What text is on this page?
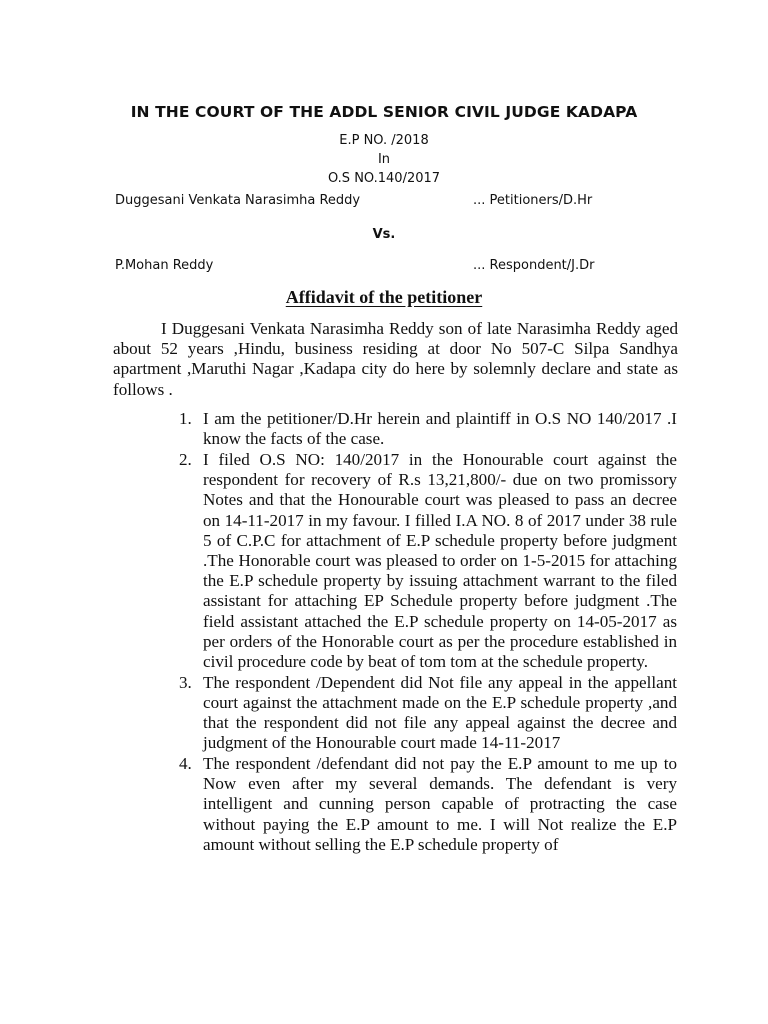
IN THE COURT OF THE ADDL SENIOR CIVIL JUDGE KADAPA
E.P NO. /2018
In
O.S NO.140/2017
Duggesani Venkata Narasimha Reddy	... Petitioners/D.Hr
Vs.
P.Mohan Reddy	... Respondent/J.Dr
Affidavit of the petitioner

I Duggesani Venkata Narasimha Reddy son of late Narasimha Reddy aged about 52 years ,Hindu, business residing at door No 507-C Silpa Sandhya apartment ,Maruthi Nagar ,Kadapa city do here by solemnly declare and state as follows .

1. I am the petitioner/D.Hr herein and plaintiff in O.S NO 140/2017 .I know the facts of the case.
2. I filed O.S NO: 140/2017 in the Honourable court against the respondent for recovery of R.s 13,21,800/- due on two promissory Notes and that the Honourable court was pleased to pass an decree on 14-11-2017 in my favour. I filled I.A NO. 8 of 2017 under 38 rule 5 of C.P.C for attachment of E.P schedule property before judgment .The Honorable court was pleased to order on 1-5-2015 for attaching the E.P schedule property by issuing attachment warrant to the filed assistant for attaching EP Schedule property before judgment .The field assistant attached the E.P schedule property on 14-05-2017 as per orders of the Honorable court as per the procedure established in civil procedure code by beat of tom tom at the schedule property.
3. The respondent /Dependent did Not file any appeal in the appellant court against the attachment made on the E.P schedule property ,and that the respondent did not file any appeal against the decree and judgment of the Honourable court made 14-11-2017
4. The respondent /defendant did not pay the E.P amount to me up to Now even after my several demands. The defendant is very intelligent and cunning person capable of protracting the case without paying the E.P amount to me. I will Not realize the E.P amount without selling the E.P schedule property of
